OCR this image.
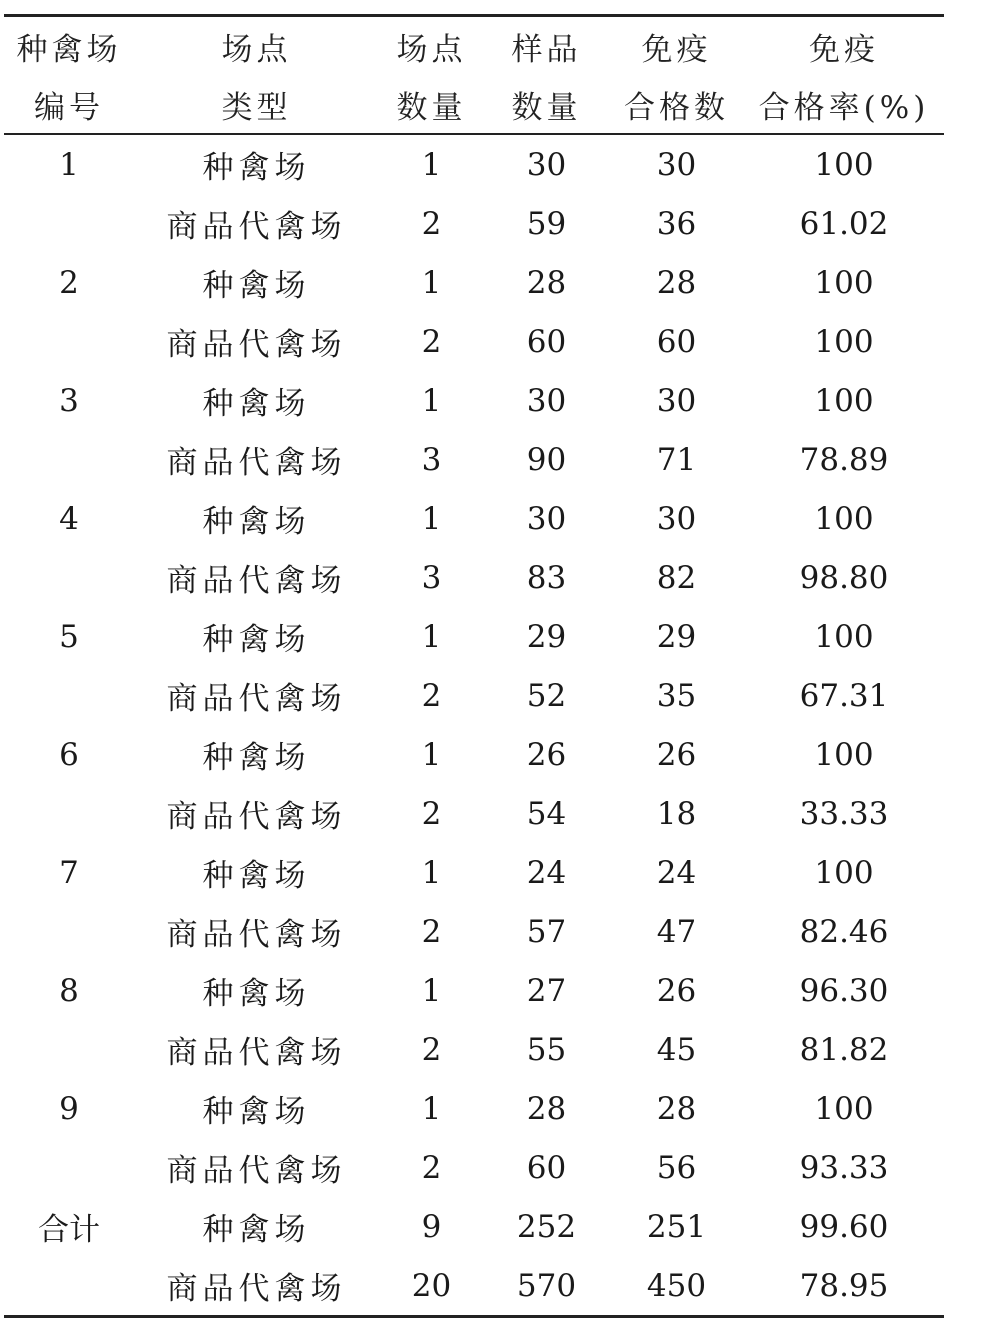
种禽场	场点	场点	样品	免疫	免疫
编号	类型	数量	数量	合格数	合格率(%)
1	种禽场	1	30	30	100
	商品代禽场	2	59	36	61.02
2	种禽场	1	28	28	100
	商品代禽场	2	60	60	100
3	种禽场	1	30	30	100
	商品代禽场	3	90	71	78.89
4	种禽场	1	30	30	100
	商品代禽场	3	83	82	98.80
5	种禽场	1	29	29	100
	商品代禽场	2	52	35	67.31
6	种禽场	1	26	26	100
	商品代禽场	2	54	18	33.33
7	种禽场	1	24	24	100
	商品代禽场	2	57	47	82.46
8	种禽场	1	27	26	96.30
	商品代禽场	2	55	45	81.82
9	种禽场	1	28	28	100
	商品代禽场	2	60	56	93.33
合计	种禽场	9	252	251	99.60
	商品代禽场	20	570	450	78.95
